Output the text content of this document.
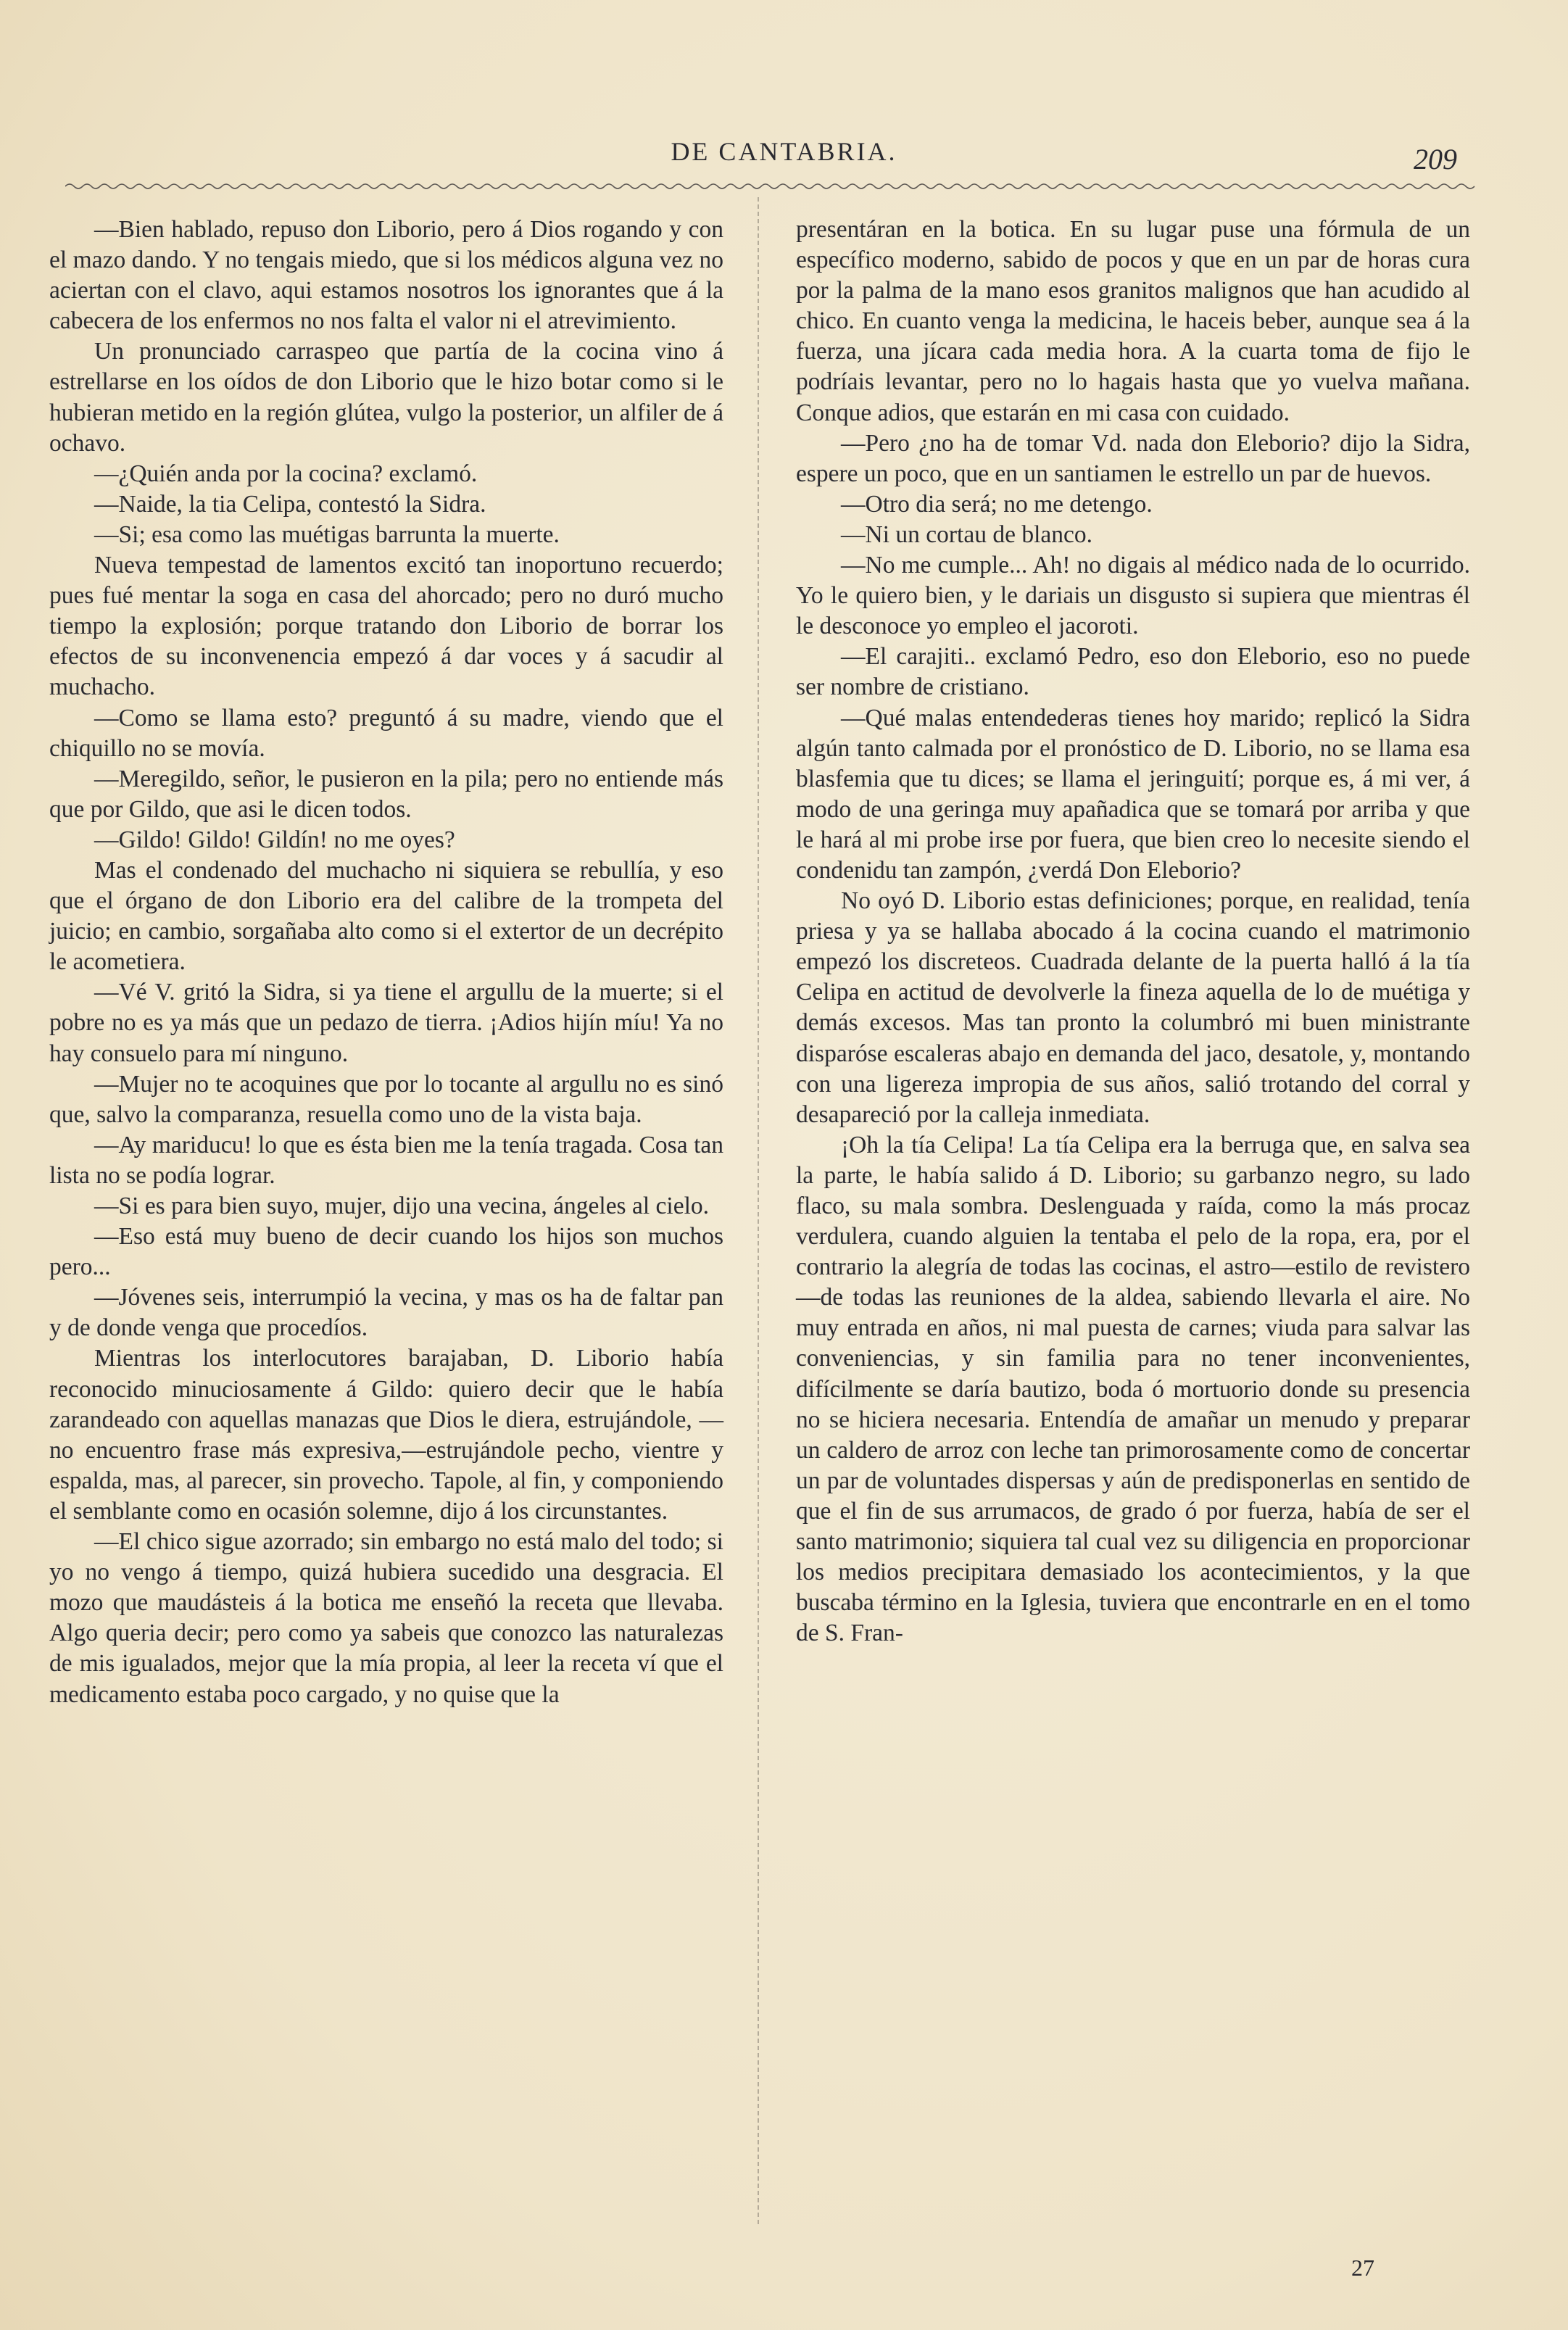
DE CANTABRIA.	209

—Bien hablado, repuso don Liborio, pero á Dios rogando y con el mazo dando. Y no tengais miedo, que si los médicos alguna vez no aciertan con el clavo, aqui estamos nosotros los ignorantes que á la cabecera de los enfermos no nos falta el valor ni el atrevimiento.

Un pronunciado carraspeo que partía de la cocina vino á estrellarse en los oídos de don Liborio que le hizo botar como si le hubieran metido en la región glútea, vulgo la posterior, un alfiler de á ochavo.

—¿Quién anda por la cocina? exclamó.

—Naide, la tia Celipa, contestó la Sidra.

—Si; esa como las muétigas barrunta la muerte.

Nueva tempestad de lamentos excitó tan inoportuno recuerdo; pues fué mentar la soga en casa del ahorcado; pero no duró mucho tiempo la explosión; porque tratando don Liborio de borrar los efectos de su inconvenencia empezó á dar voces y á sacudir al muchacho.

—Como se llama esto? preguntó á su madre, viendo que el chiquillo no se movía.

—Meregildo, señor, le pusieron en la pila; pero no entiende más que por Gildo, que asi le dicen todos.

—Gildo! Gildo! Gildín! no me oyes?

Mas el condenado del muchacho ni siquiera se rebullía, y eso que el órgano de don Liborio era del calibre de la trompeta del juicio; en cambio, sorgañaba alto como si el extertor de un decrépito le acometiera.

—Vé V. gritó la Sidra, si ya tiene el argullu de la muerte; si el pobre no es ya más que un pedazo de tierra. ¡Adios hijín míu! Ya no hay consuelo para mí ninguno.

—Mujer no te acoquines que por lo tocante al argullu no es sinó que, salvo la comparanza, resuella como uno de la vista baja.

—Ay mariducu! lo que es ésta bien me la tenía tragada. Cosa tan lista no se podía lograr.

—Si es para bien suyo, mujer, dijo una vecina, ángeles al cielo.

—Eso está muy bueno de decir cuando los hijos son muchos pero...

—Jóvenes seis, interrumpió la vecina, y mas os ha de faltar pan y de donde venga que procedíos.

Mientras los interlocutores barajaban, D. Liborio había reconocido minuciosamente á Gildo: quiero decir que le había zarandeado con aquellas manazas que Dios le diera, estrujándole, —no encuentro frase más expresiva,—estrujándole pecho, vientre y espalda, mas, al parecer, sin provecho. Tapole, al fin, y componiendo el semblante como en ocasión solemne, dijo á los circunstantes.

—El chico sigue azorrado; sin embargo no está malo del todo; si yo no vengo á tiempo, quizá hubiera sucedido una desgracia. El mozo que maudásteis á la botica me enseñó la receta que llevaba. Algo queria decir; pero como ya sabeis que conozco las naturalezas de mis igualados, mejor que la mía propia, al leer la receta ví que el medicamento estaba poco cargado, y no quise que la

presentáran en la botica. En su lugar puse una fórmula de un específico moderno, sabido de pocos y que en un par de horas cura por la palma de la mano esos granitos malignos que han acudido al chico. En cuanto venga la medicina, le haceis beber, aunque sea á la fuerza, una jícara cada media hora. A la cuarta toma de fijo le podríais levantar, pero no lo hagais hasta que yo vuelva mañana. Conque adios, que estarán en mi casa con cuidado.

—Pero ¿no ha de tomar Vd. nada don Eleborio? dijo la Sidra, espere un poco, que en un santiamen le estrello un par de huevos.

—Otro dia será; no me detengo.

—Ni un cortau de blanco.

—No me cumple... Ah! no digais al médico nada de lo ocurrido. Yo le quiero bien, y le dariais un disgusto si supiera que mientras él le desconoce yo empleo el jacoroti.

—El carajiti.. exclamó Pedro, eso don Eleborio, eso no puede ser nombre de cristiano.

—Qué malas entendederas tienes hoy marido; replicó la Sidra algún tanto calmada por el pronóstico de D. Liborio, no se llama esa blasfemia que tu dices; se llama el jeringuití; porque es, á mi ver, á modo de una geringa muy apañadica que se tomará por arriba y que le hará al mi probe irse por fuera, que bien creo lo necesite siendo el condenidu tan zampón, ¿verdá Don Eleborio?

No oyó D. Liborio estas definiciones; porque, en realidad, tenía priesa y ya se hallaba abocado á la cocina cuando el matrimonio empezó los discreteos. Cuadrada delante de la puerta halló á la tía Celipa en actitud de devolverle la fineza aquella de lo de muétiga y demás excesos. Mas tan pronto la columbró mi buen ministrante disparóse escaleras abajo en demanda del jaco, desatole, y, montando con una ligereza impropia de sus años, salió trotando del corral y desapareció por la calleja inmediata.

¡Oh la tía Celipa! La tía Celipa era la berruga que, en salva sea la parte, le había salido á D. Liborio; su garbanzo negro, su lado flaco, su mala sombra. Deslenguada y raída, como la más procaz verdulera, cuando alguien la tentaba el pelo de la ropa, era, por el contrario la alegría de todas las cocinas, el astro—estilo de revistero—de todas las reuniones de la aldea, sabiendo llevarla el aire. No muy entrada en años, ni mal puesta de carnes; viuda para salvar las conveniencias, y sin familia para no tener inconvenientes, difícilmente se daría bautizo, boda ó mortuorio donde su presencia no se hiciera necesaria. Entendía de amañar un menudo y preparar un caldero de arroz con leche tan primorosamente como de concertar un par de voluntades dispersas y aún de predisponerlas en sentido de que el fin de sus arrumacos, de grado ó por fuerza, había de ser el santo matrimonio; siquiera tal cual vez su diligencia en proporcionar los medios precipitara demasiado los acontecimientos, y la que buscaba término en la Iglesia, tuviera que encontrarle en en el tomo de S. Fran-

27
